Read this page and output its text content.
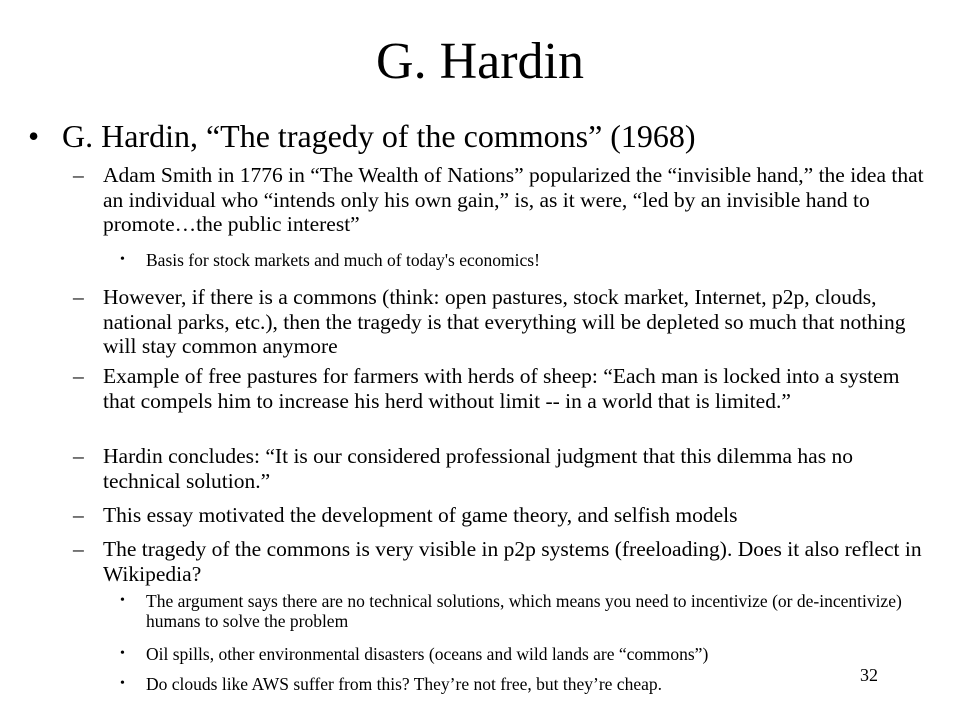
G. Hardin
• G. Hardin, “The tragedy of the commons” (1968)
– Adam Smith in 1776 in “The Wealth of Nations” popularized the “invisible hand,” the idea that an individual who “intends only his own gain,” is, as it were, “led by an invisible hand to promote…the public interest”
•	Basis for stock markets and much of today's economics!
– However, if there is a commons (think: open pastures, stock market, Internet, p2p, clouds, national parks, etc.), then the tragedy is that everything will be depleted so much that nothing will stay common anymore
– Example of free pastures for farmers with herds of sheep: “Each man is locked into a system that compels him to increase his herd without limit -- in a world that is limited.”
– Hardin concludes: “It is our considered professional judgment that this dilemma has no technical solution.”
– This essay motivated the development of game theory, and selfish models
– The tragedy of the commons is very visible in p2p systems (freeloading). Does it also reflect in Wikipedia?
•	The argument says there are no technical solutions, which means you need to incentivize (or de-incentivize) humans to solve the problem
•	Oil spills, other environmental disasters (oceans and wild lands are “commons”)
•	Do clouds like AWS suffer from this? They’re not free, but they’re cheap.	32
